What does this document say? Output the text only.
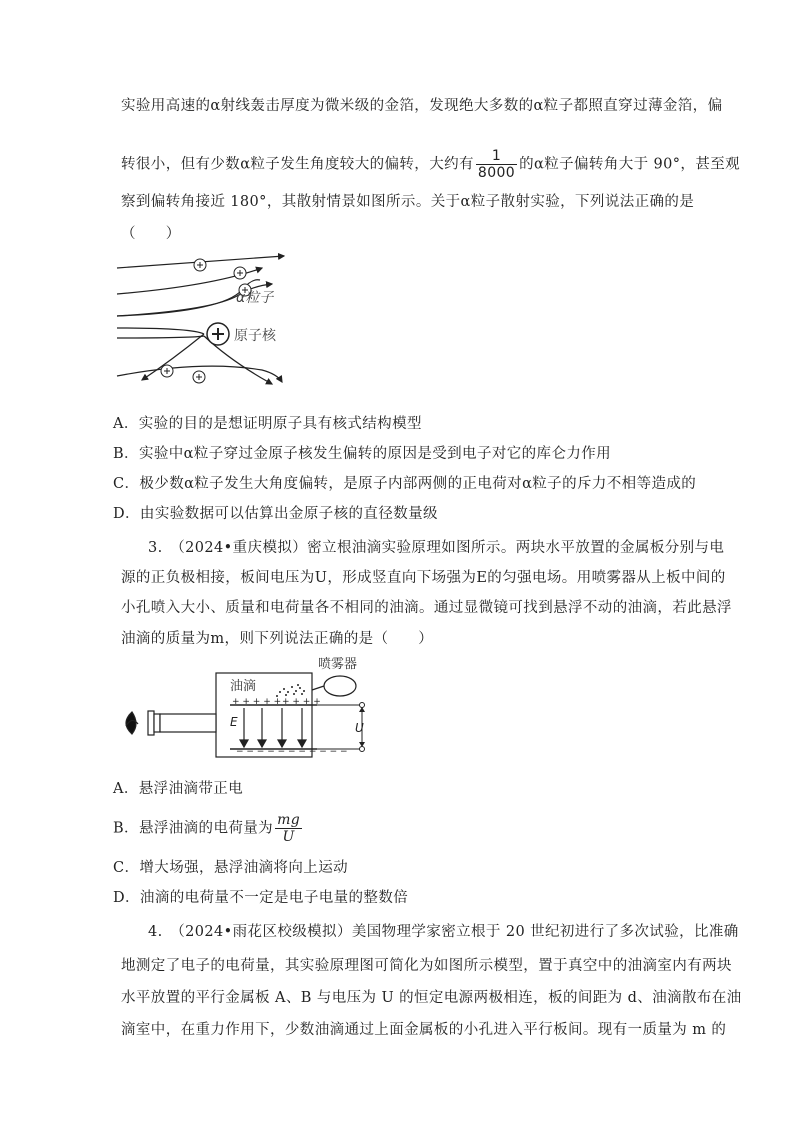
实验用高速的α射线轰击厚度为微米级的金箔，发现绝大多数的α粒子都照直穿过薄金箔，偏
转很小，但有少数α粒子发生角度较大的偏转，大约有 $\frac{1}{8000}$ 的α粒子偏转角大于 90°，甚至观
察到偏转角接近 180°，其散射情景如图所示。关于α粒子散射实验，下列说法正确的是
（　　）
α粒子
原子核
A．实验的目的是想证明原子具有核式结构模型
B．实验中α粒子穿过金原子核发生偏转的原因是受到电子对它的库仑力作用
C．极少数α粒子发生大角度偏转，是原子内部两侧的正电荷对α粒子的斥力不相等造成的
D．由实验数据可以估算出金原子核的直径数量级
3.　（2024•重庆模拟）密立根油滴实验原理如图所示。两块水平放置的金属板分别与电
源的正负极相接，板间电压为U，形成竖直向下场强为E的匀强电场。用喷雾器从上板中间的
小孔喷入大小、质量和电荷量各不相同的油滴。通过显微镜可找到悬浮不动的油滴，若此悬浮
油滴的质量为m，则下列说法正确的是（　　）
+ + + + + + + + +
− − − − − − − − − − −
E	U
油滴
喷雾器
A．悬浮油滴带正电
B．悬浮油滴的电荷量为 $\frac{mg}{U}$
C．增大场强，悬浮油滴将向上运动
D．油滴的电荷量不一定是电子电量的整数倍
4.　（2024•雨花区校级模拟）美国物理学家密立根于 20 世纪初进行了多次试验，比准确
地测定了电子的电荷量，其实验原理图可简化为如图所示模型，置于真空中的油滴室内有两块
水平放置的平行金属板 A、B 与电压为 U 的恒定电源两极相连，板的间距为 d、油滴散布在油
滴室中，在重力作用下，少数油滴通过上面金属板的小孔进入平行板间。现有一质量为 m 的
